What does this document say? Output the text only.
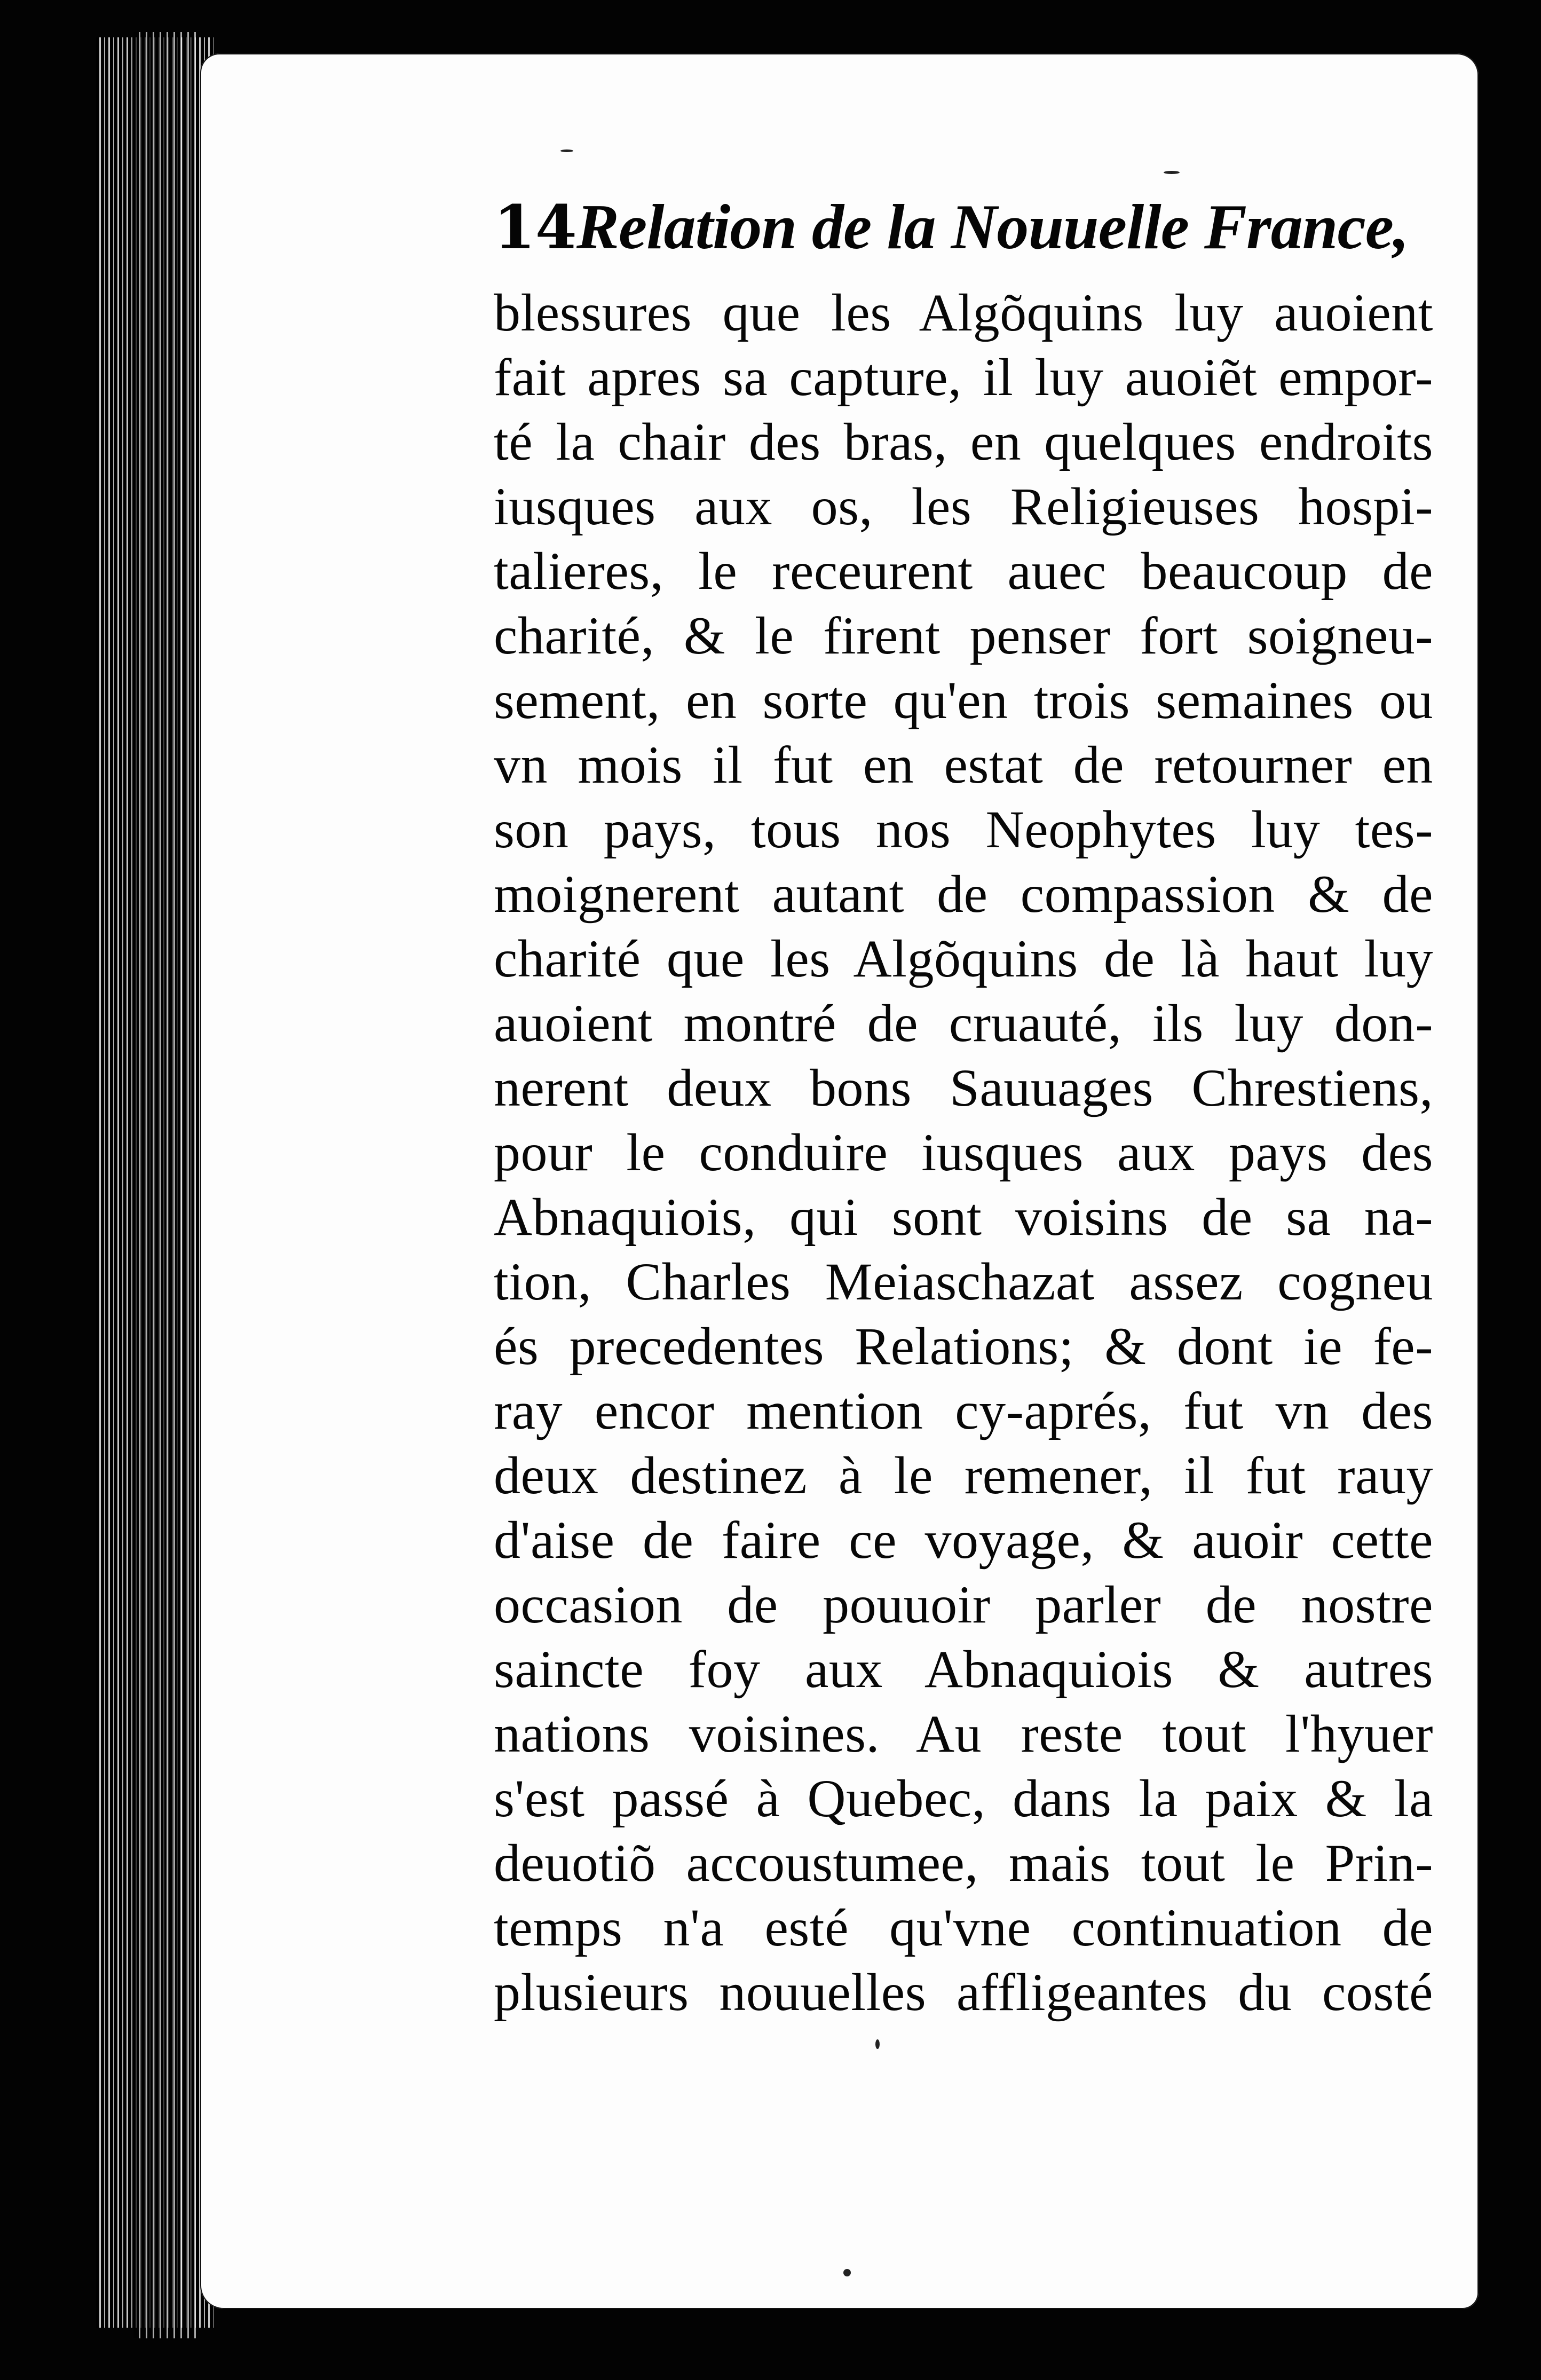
14 Relation de la Nouuelle France,
blessures que les Algõquins luy auoient
fait apres sa capture, il luy auoiẽt empor-
té la chair des bras, en quelques endroits
iusques aux os, les Religieuses hospi-
talieres, le receurent auec beaucoup de
charité, & le firent penser fort soigneu-
sement, en sorte qu'en trois semaines ou
vn mois il fut en estat de retourner en
son pays, tous nos Neophytes luy tes-
moignerent autant de compassion & de
charité que les Algõquins de là haut luy
auoient montré de cruauté, ils luy don-
nerent deux bons Sauuages Chrestiens,
pour le conduire iusques aux pays des
Abnaquiois, qui sont voisins de sa na-
tion, Charles Meiaschazat assez cogneu
és precedentes Relations; & dont ie fe-
ray encor mention cy-aprés, fut vn des
deux destinez à le remener, il fut rauy
d'aise de faire ce voyage, & auoir cette
occasion de pouuoir parler de nostre
saincte foy aux Abnaquiois & autres
nations voisines. Au reste tout l'hyuer
s'est passé à Quebec, dans la paix & la
deuotiõ accoustumee, mais tout le Prin-
temps n'a esté qu'vne continuation de
plusieurs nouuelles affligeantes du costé
